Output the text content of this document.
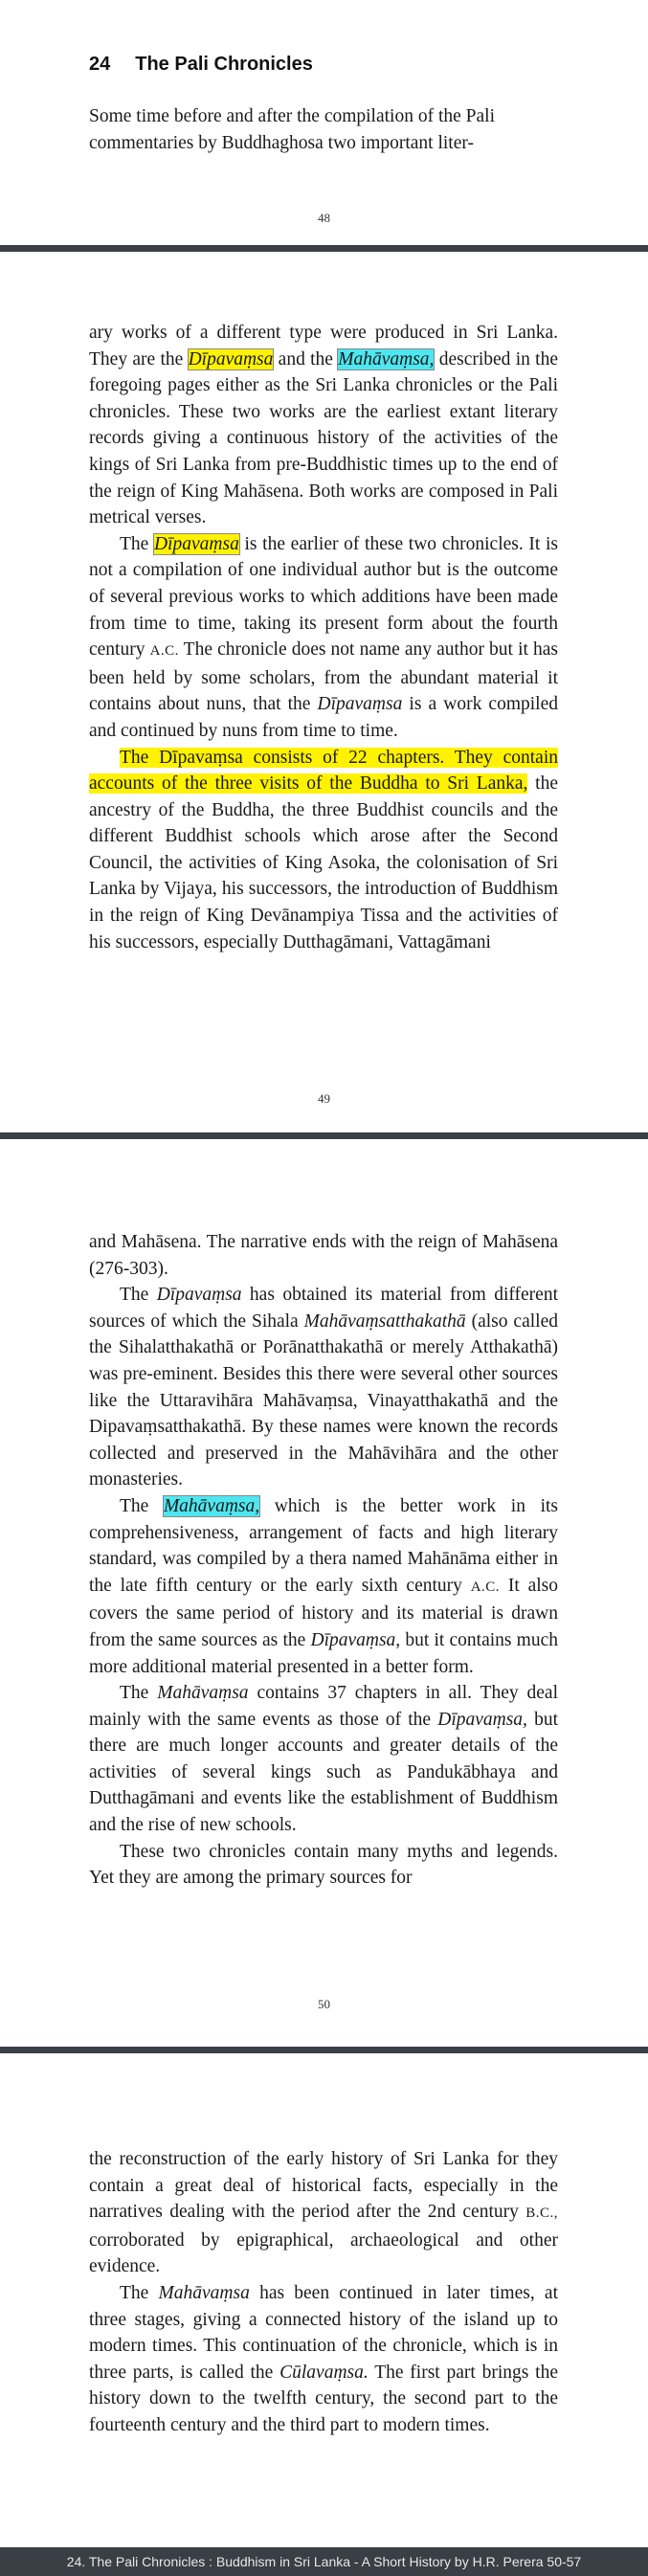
24 The Pali Chronicles

Some time before and after the compilation of the Pali

commentaries by Buddhaghosa two important liter-

48

ary works of a different type were produced in Sri Lanka. They are the Dīpavaṃsa and the Mahāvaṃsa, described in the foregoing pages either as the Sri Lanka chronicles or the Pali chronicles. These two works are the earliest extant literary records giving a continuous history of the activities of the kings of Sri Lanka from pre-Buddhistic times up to the end of the reign of King Mahāsena. Both works are composed in Pali metrical verses.

The Dīpavaṃsa is the earlier of these two chronicles. It is not a compilation of one individual author but is the outcome of several previous works to which additions have been made from time to time, taking its present form about the fourth century A.C. The chronicle does not name any author but it has been held by some scholars, from the abundant material it contains about nuns, that the Dīpavaṃsa is a work compiled and continued by nuns from time to time.

The Dīpavaṃsa consists of 22 chapters. They contain accounts of the three visits of the Buddha to Sri Lanka, the ancestry of the Buddha, the three Buddhist councils and the different Buddhist schools which arose after the Second Council, the activities of King Asoka, the colonisation of Sri Lanka by Vijaya, his successors, the introduction of Buddhism in the reign of King Devānampiya Tissa and the activities of his successors, especially Dutthagāmani, Vattagāmani

49

and Mahāsena. The narrative ends with the reign of Mahāsena (276-303).

The Dīpavaṃsa has obtained its material from different sources of which the Sihala Mahāvaṃsatthakathā (also called the Sihalatthakathā or Porānatthakathā or merely Atthakathā) was pre-eminent. Besides this there were several other sources like the Uttaravihāra Mahāvaṃsa, Vinayatthakathā and the Dipavaṃsatthakathā. By these names were known the records collected and preserved in the Mahāvihāra and the other monasteries.

The Mahāvaṃsa, which is the better work in its comprehensiveness, arrangement of facts and high literary standard, was compiled by a thera named Mahānāma either in the late fifth century or the early sixth century A.C. It also covers the same period of history and its material is drawn from the same sources as the Dīpavaṃsa, but it contains much more additional material presented in a better form.

The Mahāvaṃsa contains 37 chapters in all. They deal mainly with the same events as those of the Dīpavaṃsa, but there are much longer accounts and greater details of the activities of several kings such as Pandukābhaya and Dutthagāmani and events like the establishment of Buddhism and the rise of new schools.

These two chronicles contain many myths and legends. Yet they are among the primary sources for

50

the reconstruction of the early history of Sri Lanka for they contain a great deal of historical facts, especially in the narratives dealing with the period after the 2nd century B.C., corroborated by epigraphical, archaeological and other evidence.

The Mahāvaṃsa has been continued in later times, at three stages, giving a connected history of the island up to modern times. This continuation of the chronicle, which is in three parts, is called the Cūlavaṃsa. The first part brings the history down to the twelfth century, the second part to the fourteenth century and the third part to modern times.

24. The Pali Chronicles : Buddhism in Sri Lanka - A Short History by H.R. Perera 50-57
